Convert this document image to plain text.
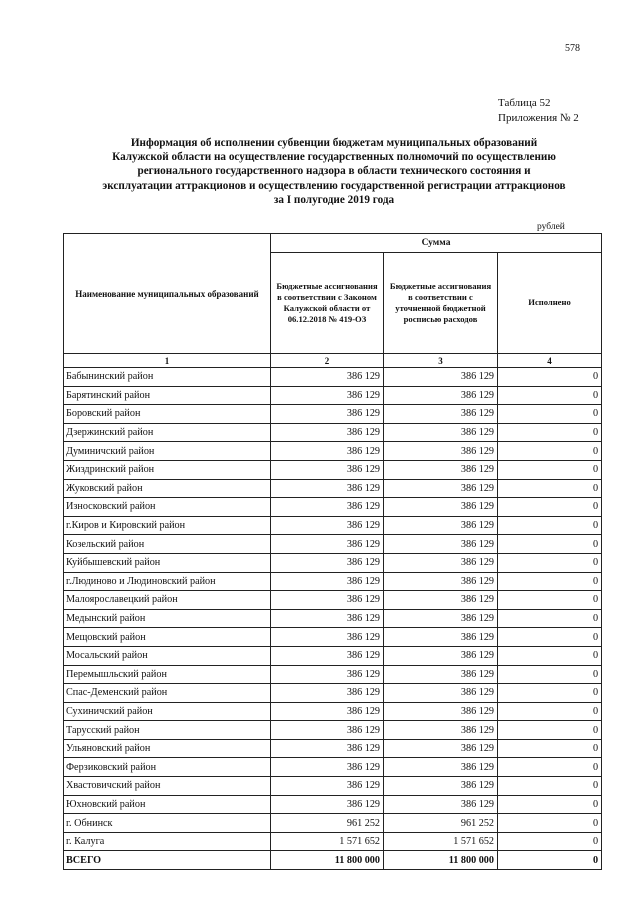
578
Таблица 52
Приложения № 2
Информация об исполнении субвенции бюджетам муниципальных образований
Калужской области на осуществление государственных полномочий по осуществлению
регионального государственного надзора в области технического состояния и
эксплуатации аттракционов и осуществлению государственной регистрации аттракционов
за I полугодие 2019 года
рублей
Наименование муниципальных образований	Сумма		
	Бюджетные ассигнования в соответствии с Законом Калужской области от 06.12.2018 № 419-ОЗ	Бюджетные ассигнования в соответствии с уточненной бюджетной росписью расходов	Исполнено
1	2	3	4
Бабынинский район	386 129	386 129	0
Барятинский район	386 129	386 129	0
Боровский район	386 129	386 129	0
Дзержинский район	386 129	386 129	0
Думиничский район	386 129	386 129	0
Жиздринский район	386 129	386 129	0
Жуковский район	386 129	386 129	0
Износковский район	386 129	386 129	0
г.Киров и Кировский район	386 129	386 129	0
Козельский район	386 129	386 129	0
Куйбышевский район	386 129	386 129	0
г.Людиново и Людиновский район	386 129	386 129	0
Малоярославецкий район	386 129	386 129	0
Медынский район	386 129	386 129	0
Мещовский район	386 129	386 129	0
Мосальский район	386 129	386 129	0
Перемышльский район	386 129	386 129	0
Спас-Деменский район	386 129	386 129	0
Сухиничский район	386 129	386 129	0
Тарусский район	386 129	386 129	0
Ульяновский район	386 129	386 129	0
Ферзиковский район	386 129	386 129	0
Хвастовичский район	386 129	386 129	0
Юхновский район	386 129	386 129	0
г. Обнинск	961 252	961 252	0
г. Калуга	1 571 652	1 571 652	0
ВСЕГО	11 800 000	11 800 000	0
